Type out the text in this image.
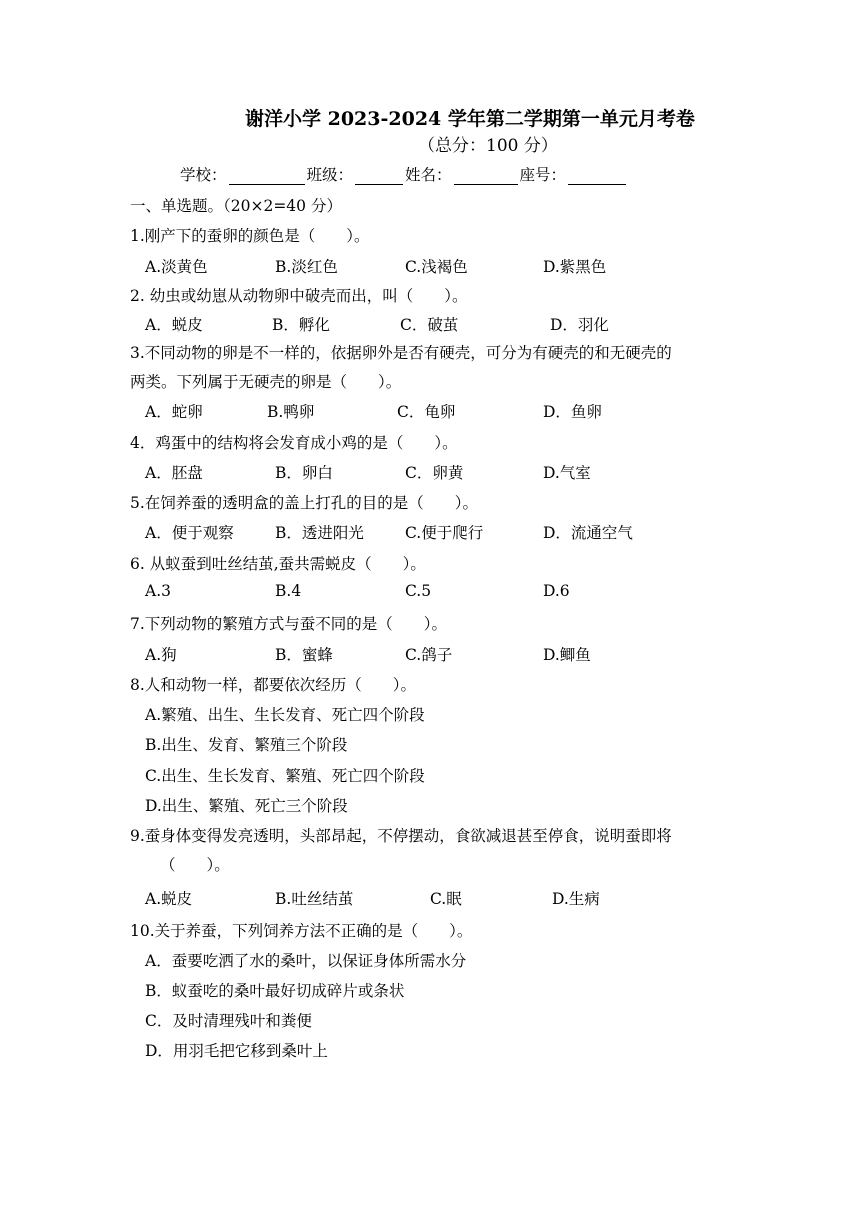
谢洋小学 2023-2024 学年第二学期第一单元月考卷
（总分：100 分）
学校：	班级：	姓名：	座号：
一、单选题。（20×2=40 分）
1.刚产下的蚕卵的颜色是（　　）。
A.淡黄色	B.淡红色	C.浅褐色	D.紫黑色
2. 幼虫或幼崽从动物卵中破壳而出，叫（　　）。
A．蜕皮	B．孵化	C．破茧	D．羽化
3.不同动物的卵是不一样的，依据卵外是否有硬壳，可分为有硬壳的和无硬壳的
两类。下列属于无硬壳的卵是（　　）。
A．蛇卵	B.鸭卵	C．龟卵	D．鱼卵
4．鸡蛋中的结构将会发育成小鸡的是（　　）。
A．胚盘	B．卵白	C．卵黄	D.气室
5.在饲养蚕的透明盒的盖上打孔的目的是（　　）。
A．便于观察	B．透进阳光	C.便于爬行	D．流通空气
6. 从蚁蚕到吐丝结茧,蚕共需蜕皮（　　）。
A.3	B.4	C.5	D.6
7.下列动物的繁殖方式与蚕不同的是（　　）。
A.狗	B．蜜蜂	C.鸽子	D.鲫鱼
8.人和动物一样，都要依次经历（　　）。
A.繁殖、出生、生长发育、死亡四个阶段
B.出生、发育、繁殖三个阶段
C.出生、生长发育、繁殖、死亡四个阶段
D.出生、繁殖、死亡三个阶段
9.蚕身体变得发亮透明，头部昂起，不停摆动，食欲减退甚至停食，说明蚕即将
（　　）。
A.蜕皮	B.吐丝结茧	C.眠	D.生病
10.关于养蚕，下列饲养方法不正确的是（　　）。
A．蚕要吃洒了水的桑叶，以保证身体所需水分
B．蚁蚕吃的桑叶最好切成碎片或条状
C．及时清理残叶和粪便
D．用羽毛把它移到桑叶上
